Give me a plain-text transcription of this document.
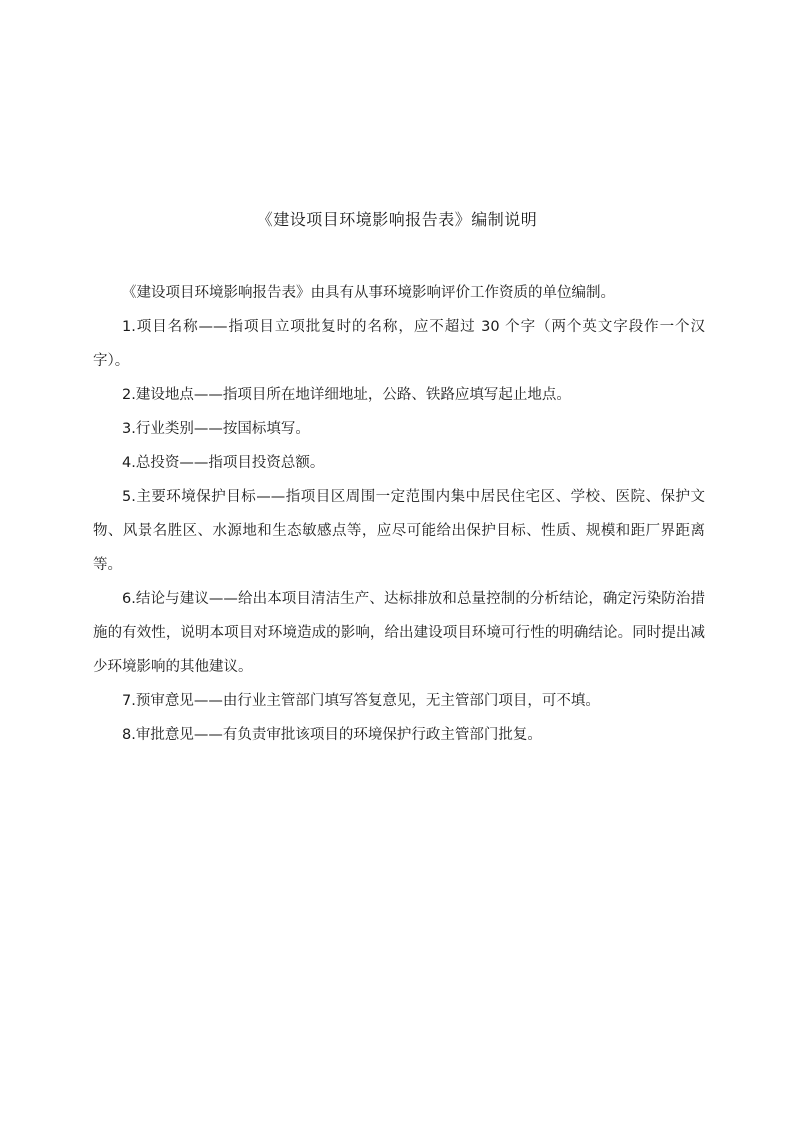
《建设项目环境影响报告表》编制说明

《建设项目环境影响报告表》由具有从事环境影响评价工作资质的单位编制。

1.项目名称——指项目立项批复时的名称，应不超过 30 个字（两个英文字段作一个汉字）。

2.建设地点——指项目所在地详细地址，公路、铁路应填写起止地点。

3.行业类别——按国标填写。

4.总投资——指项目投资总额。

5.主要环境保护目标——指项目区周围一定范围内集中居民住宅区、学校、医院、保护文物、风景名胜区、水源地和生态敏感点等，应尽可能给出保护目标、性质、规模和距厂界距离等。

6.结论与建议——给出本项目清洁生产、达标排放和总量控制的分析结论，确定污染防治措施的有效性，说明本项目对环境造成的影响，给出建设项目环境可行性的明确结论。同时提出减少环境影响的其他建议。

7.预审意见——由行业主管部门填写答复意见，无主管部门项目，可不填。

8.审批意见——有负责审批该项目的环境保护行政主管部门批复。
